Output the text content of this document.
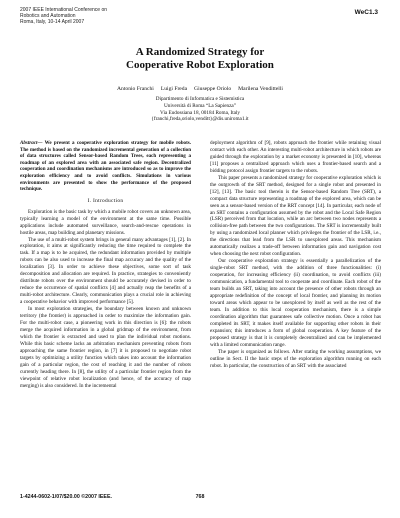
2007 IEEE International Conference on
Robotics and Automation
Roma, Italy, 10-14 April 2007
WeC1.3
A Randomized Strategy for
Cooperative Robot Exploration
Antonio Franchi     Luigi Freda     Giuseppe Oriolo     Marilena Vendittelli
Dipartimento di Informatica e Sistemistica
Università di Roma “La Sapienza”
Via Eudossiana 18, 00184 Roma, Italy
{franchi,freda,oriolo,venditt}@dis.uniroma1.it
Abstract— We present a cooperative exploration strategy for mobile robots. The method is based on the randomized incremental generation of a collection of data structures called Sensor-based Random Trees, each representing a roadmap of an explored area with an associated safe region. Decentralized cooperation and coordination mechanisms are introduced so as to improve the exploration efficiency and to avoid conflicts. Simulations in various environments are presented to show the performance of the proposed technique.
I. Introduction

Exploration is the basic task by which a mobile robot covers an unknown area, typically learning a model of the environment at the same time. Possible applications include automated surveillance, search-and-rescue operations in hostile areas, map building and planetary missions.

The use of a multi-robot system brings in general many advantages [1], [2]. In exploration, it aims at significantly reducing the time required to complete the task. If a map is to be acquired, the redundant information provided by multiple robots can be also used to increase the final map accuracy and the quality of the localization [3]. In order to achieve these objectives, some sort of task decomposition and allocation are required. In practice, strategies to conveniently distribute robots over the environment should be accurately devised in order to reduce the occurrence of spatial conflicts [4] and actually reap the benefits of a multi-robot architecture. Clearly, communication plays a crucial role in achieving a cooperative behavior with improved performance [5].

In most exploration strategies, the boundary between known and unknown territory (the frontier) is approached in order to maximize the information gain. For the multi-robot case, a pioneering work in this direction is [6]: the robots merge the acquired information in a global gridmap of the environment, from which the frontier is extracted and used to plan the individual robot motions. While this basic scheme lacks an arbitration mechanism preventing robots from approaching the same frontier region, in [7] it is proposed to negotiate robot targets by optimizing a utility function which takes into account the information gain of a particular region, the cost of reaching it and the number of robots currently heading there. In [8], the utility of a particular frontier region from the viewpoint of relative robot localization (and hence, of the accuracy of map merging) is also considered. In the incremental

deployment algorithm of [9], robots approach the frontier while retaining visual contact with each other. An interesting multi-robot architecture in which robots are guided through the exploration by a market economy is presented in [10], whereas [11] proposes a centralized approach which uses a frontier-based search and a bidding protocol assign frontier targets to the robots.

This paper presents a randomized strategy for cooperative exploration which is the outgrowth of the SRT method, designed for a single robot and presented in [12], [13]. The basic tool therein is the Sensor-based Random Tree (SRT), a compact data structure representing a roadmap of the explored area, which can be seen as a sensor-based version of the RRT concept [14]. In particular, each node of an SRT contains a configuration assumed by the robot and the Local Safe Region (LSR) perceived from that location, while an arc between two nodes represents a collision-free path between the two configurations. The SRT is incrementally built by using a randomized local planner which privileges the frontier of the LSR, i.e., the directions that lead from the LSR to unexplored areas. This mechanism automatically realizes a trade-off between information gain and navigation cost when choosing the next robot configuration.

Our cooperative exploration strategy is essentially a parallelization of the single-robot SRT method, with the addition of three functionalities: (i) cooperation, for increasing efficiency (ii) coordination, to avoid conflicts (iii) communication, a fundamental tool to cooperate and coordinate. Each robot of the team builds an SRT, taking into account the presence of other robots through an appropriate redefinition of the concept of local frontier, and planning its motion toward areas which appear to be unexplored by itself as well as the rest of the team. In addition to this local cooperation mechanism, there is a simple coordination algorithm that guarantees safe collective motion. Once a robot has completed its SRT, it makes itself available for supporting other robots in their expansion; this introduces a form of global cooperation. A key feature of the proposed strategy is that it is completely decentralized and can be implemented with a limited communication range.

The paper is organized as follows. After stating the working assumptions, we outline in Sect. II the basic steps of the exploration algorithm running on each robot. In particular, the construction of an SRT with the associated

1-4244-0602-1/07/$20.00 ©2007 IEEE.	768
